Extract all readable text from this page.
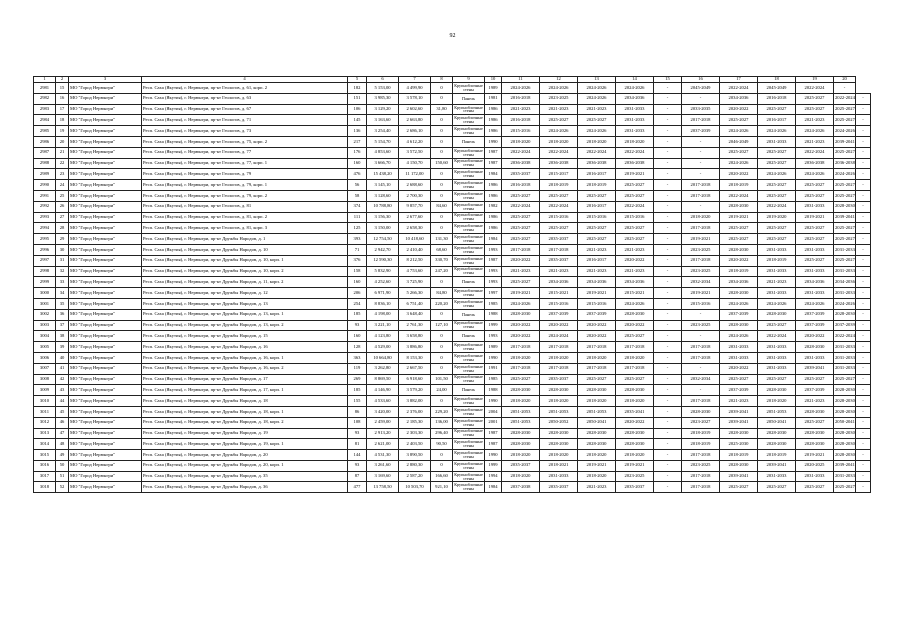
92
1	2	3	4	5	6	7	8	9	10	11	12	13	14	15	16	17	18	19	20	
2981	15	МО "Город Нерюнгри"	Респ. Саха (Якутия), г. Нерюнгри, пр-кт Геологов, д. 61, корп. 2	182	5 153,00	4 499,90	0	Крупноблочные стены	1989	2024-2026	2024-2026	2024-2026	2024-2026	-	2045-2049	2022-2024	2045-2049	2022-2024	-	
2982	16	МО "Город Нерюнгри"	Респ. Саха (Якутия), г. Нерюнгри, пр-кт Геологов, д. 63	151	3 985,30	3 578,10	0	Панель	1981	2016-2018	2023-2025	2024-2026	2034-2036	-	-	2034-2036	2016-2018	2025-2027	2022-2024	-
2983	17	МО "Город Нерюнгри"	Респ. Саха (Якутия), г. Нерюнгри, пр-кт Геологов, д. 67	106	3 129,20	2 602,60	31,80	Крупноблочные стены	1986	2021-2023	2021-2023	2021-2023	2031-2033	-	2033-2035	2020-2022	2025-2027	2025-2027	2025-2027	-
2984	18	МО "Город Нерюнгри"	Респ. Саха (Якутия), г. Нерюнгри, пр-кт Геологов, д. 71	145	3 163,60	2 663,80	0	Крупноблочные стены	1986	2016-2018	2025-2027	2025-2027	2031-2033	-	2017-2018	2025-2027	2016-2017	2021-2023	2025-2027	-
2985	19	МО "Город Нерюнгри"	Респ. Саха (Якутия), г. Нерюнгри, пр-кт Геологов, д. 73	136	3 254,40	2 686,10	0	Крупноблочные стены	1986	2015-2016	2024-2026	2024-2026	2031-2033	-	2037-2039	2024-2026	2024-2026	2024-2026	2024-2026	-
2986	20	МО "Город Нерюнгри"	Респ. Саха (Якутия), г. Нерюнгри, пр-кт Геологов, д. 75, корп. 2	217	5 154,70	4 612,20	0	Панель	1990	2018-2020	2018-2020	2018-2020	2018-2020	-	-	2046-2049	2031-2033	2021-2023	2039-2041	-
2987	21	МО "Город Нерюнгри"	Респ. Саха (Якутия), г. Нерюнгри, пр-кт Геологов, д. 77	176	4 853,60	3 572,50	0	Крупноблочные стены	1987	2022-2024	2022-2024	2022-2024	2022-2024	-	-	2025-2027	2025-2027	2022-2024	2025-2027	-
2988	22	МО "Город Нерюнгри"	Респ. Саха (Якутия), г. Нерюнгри, пр-кт Геологов, д. 77, корп. 1	160	3 666,70	4 150,70	150,60	Крупноблочные стены	1987	2036-2038	2036-2038	2036-2038	2036-2038	-	-	2024-2026	2025-2027	2036-2038	2036-2038	-
2989	23	МО "Город Нерюнгри"	Респ. Саха (Якутия), г. Нерюнгри, пр-кт Геологов, д. 79	476	15 438,20	11 172,00	0	Крупноблочные стены	1984	2035-2037	2015-2017	2016-2017	2019-2021	-	-	2020-2022	2024-2026	2024-2026	2024-2026	-
2990	24	МО "Город Нерюнгри"	Респ. Саха (Якутия), г. Нерюнгри, пр-кт Геологов, д. 79, корп. 1	56	3 145,10	2 688,60	0	Крупноблочные стены	1986	2016-2018	2018-2019	2018-2019	2025-2027	-	2017-2018	2018-2019	2025-2027	2025-2027	2025-2027	-
2991	25	МО "Город Нерюнгри"	Респ. Саха (Якутия), г. Нерюнгри, пр-кт Геологов, д. 79, корп. 2	58	3 128,60	2 700,30	0	Крупноблочные стены	1986	2025-2027	2025-2027	2025-2027	2025-2027	-	2017-2018	2022-2024	2025-2027	2025-2027	2025-2027	-
2992	26	МО "Город Нерюнгри"	Респ. Саха (Якутия), г. Нерюнгри, пр-кт Геологов, д. 81	374	10 788,80	9 857,70	84,60	Крупноблочные стены	1982	2022-2024	2022-2024	2016-2017	2022-2024	-	-	2028-2030	2022-2024	2031-2033	2028-2030	-
2993	27	МО "Город Нерюнгри"	Респ. Саха (Якутия), г. Нерюнгри, пр-кт Геологов, д. 81, корп. 2	111	3 156,30	2 677,60	0	Крупноблочные стены	1986	2025-2027	2015-2016	2015-2016	2015-2016	-	2018-2020	2019-2021	2019-2020	2019-2021	2039-2041	-
2994	28	МО "Город Нерюнгри"	Респ. Саха (Якутия), г. Нерюнгри, пр-кт Геологов, д. 81, корп. 3	125	3 150,00	2 658,30	0	Крупноблочные стены	1986	2025-2027	2025-2027	2025-2027	2025-2027	-	2017-2018	2025-2027	2025-2027	2025-2027	2025-2027	-
2995	29	МО "Город Нерюнгри"	Респ. Саха (Якутия), г. Нерюнгри, пр-кт Дружбы Народов, д. 1	393	12 754,50	10 418,60	131,30	Крупноблочные стены	1984	2025-2027	2035-2037	2025-2027	2025-2027	-	2019-2021	2025-2027	2025-2027	2025-2027	2025-2027	-
2996	30	МО "Город Нерюнгри"	Респ. Саха (Якутия), г. Нерюнгри, пр-кт Дружбы Народов, д. 10	71	2 942,70	2 410,40	68,60	Крупноблочные стены	1993	2017-2018	2017-2018	2021-2023	2021-2023	-	2023-2025	2028-2030	2031-2033	2031-2033	2031-2033	-
2997	31	МО "Город Нерюнгри"	Респ. Саха (Якутия), г. Нерюнгри, пр-кт Дружбы Народов, д. 10, корп. 1	376	12 590,30	8 212,50	330,70	Крупноблочные стены	1987	2020-2022	2035-2037	2016-2017	2020-2022	-	2017-2018	2020-2022	2018-2019	2025-2027	2025-2027	-
2998	32	МО "Город Нерюнгри"	Респ. Саха (Якутия), г. Нерюнгри, пр-кт Дружбы Народов, д. 10, корп. 2	158	5 832,90	4 753,60	247,20	Крупноблочные стены	1993	2021-2023	2021-2023	2021-2023	2021-2023	-	2023-2025	2018-2019	2031-2033	2031-2033	2031-2033	-
2999	33	МО "Город Нерюнгри"	Респ. Саха (Якутия), г. Нерюнгри, пр-кт Дружбы Народов, д. 11, корп. 2	160	4 252,60	3 725,90	0	Панель	1993	2025-2027	2034-2036	2034-2036	2034-2036	-	2032-2034	2034-2036	2021-2023	2034-2036	2034-2036	-
3000	34	МО "Город Нерюнгри"	Респ. Саха (Якутия), г. Нерюнгри, пр-кт Дружбы Народов, д. 12	206	6 971,90	5 266,30	84,80	Крупноблочные стены	1997	2019-2021	2015-2021	2019-2021	2015-2021	-	2019-2021	2028-2030	2031-2033	2031-2033	2031-2033	-
3001	35	МО "Город Нерюнгри"	Респ. Саха (Якутия), г. Нерюнгри, пр-кт Дружбы Народов, д. 13	254	8 836,10	6 751,40	220,20	Крупноблочные стены	1985	2024-2026	2015-2016	2015-2016	2024-2026	-	2015-2016	2024-2026	2024-2026	2024-2026	2024-2026	-
3002	36	МО "Город Нерюнгри"	Респ. Саха (Якутия), г. Нерюнгри, пр-кт Дружбы Народов, д. 13, корп. 1	185	4 198,00	3 648,40	0	Панель	1988	2028-2030	2037-2039	2037-2039	2028-2030	-	-	2037-2039	2028-2030	2037-2039	2028-2030	-
3003	37	МО "Город Нерюнгри"	Респ. Саха (Якутия), г. Нерюнгри, пр-кт Дружбы Народов, д. 13, корп. 2	93	3 221,10	2 761,30	127,10	Крупноблочные стены	1999	2020-2022	2020-2022	2020-2022	2020-2022	-	2023-2025	2028-2030	2025-2027	2037-2039	2037-2039	-
3004	38	МО "Город Нерюнгри"	Респ. Саха (Якутия), г. Нерюнгри, пр-кт Дружбы Народов, д. 15	160	4 123,80	3 658,80	0	Панель	1993	2020-2022	2024-2024	2020-2022	2025-2027	-	-	2024-2026	2022-2024	2020-2022	2022-2024	-
3005	39	МО "Город Нерюнгри"	Респ. Саха (Якутия), г. Нерюнгри, пр-кт Дружбы Народов, д. 16	128	4 529,00	3 886,80	0	Крупноблочные стены	1989	2017-2018	2017-2018	2017-2018	2017-2018	-	2017-2018	2031-2033	2031-2033	2028-2030	2031-2033	-
3006	40	МО "Город Нерюнгри"	Респ. Саха (Якутия), г. Нерюнгри, пр-кт Дружбы Народов, д. 16, корп. 1	363	10 664,80	8 153,30	0	Крупноблочные стены	1990	2018-2020	2018-2020	2018-2020	2018-2020	-	2017-2018	2031-2033	2031-2033	2031-2033	2031-2033	-
3007	41	МО "Город Нерюнгри"	Респ. Саха (Якутия), г. Нерюнгри, пр-кт Дружбы Народов, д. 16, корп. 2	119	3 262,80	2 667,50	0	Крупноблочные стены	1991	2017-2018	2017-2018	2017-2018	2017-2018	-	-	2020-2022	2031-2033	2039-2041	2031-2033	-
3008	42	МО "Город Нерюнгри"	Респ. Саха (Якутия), г. Нерюнгри, пр-кт Дружбы Народов, д. 17	269	8 869,50	6 918,60	101,50	Крупноблочные стены	1985	2025-2027	2035-2037	2025-2027	2025-2027	-	2032-2034	2025-2027	2025-2027	2025-2027	2025-2027	-
3009	43	МО "Город Нерюнгри"	Респ. Саха (Якутия), г. Нерюнгри, пр-кт Дружбы Народов, д. 17, корп. 1	185	4 146,90	3 579,20	24,00	Панель	1988	2028-2030	2028-2030	2028-2030	2028-2030	-	-	2037-2039	2028-2030	2037-2039	2028-2030	-
3010	44	МО "Город Нерюнгри"	Респ. Саха (Якутия), г. Нерюнгри, пр-кт Дружбы Народов, д. 18	155	4 533,60	3 882,00	0	Крупноблочные стены	1990	2018-2020	2018-2020	2018-2020	2018-2020	-	2017-2018	2021-2023	2018-2020	2021-2023	2028-2030	-
3011	45	МО "Город Нерюнгри"	Респ. Саха (Якутия), г. Нерюнгри, пр-кт Дружбы Народов, д. 18, корп. 1	86	3 420,00	2 376,00	229,20	Крупноблочные стены	2004	2051-2053	2051-2053	2051-2053	2035-2041	-	2028-2030	2039-2041	2051-2053	2028-2030	2028-2030	-
3012	46	МО "Город Нерюнгри"	Респ. Саха (Якутия), г. Нерюнгри, пр-кт Дружбы Народов, д. 18, корп. 2	108	2 459,00	2 185,30	136,00	Крупноблочные стены	2001	2051-2053	2050-2052	2050-2041	2020-2022	-	2023-2027	2039-2041	2050-2041	2025-2027	2050-2041	-
3013	47	МО "Город Нерюнгри"	Респ. Саха (Якутия), г. Нерюнгри, пр-кт Дружбы Народов, д. 19	93	2 913,20	2 303,30	296,40	Крупноблочные стены	1987	2028-2030	2028-2030	2028-2030	2028-2030	-	2018-2019	2028-2030	2028-2030	2028-2030	2028-2030	-
3014	48	МО "Город Нерюнгри"	Респ. Саха (Якутия), г. Нерюнгри, пр-кт Дружбы Народов, д. 19, корп. 1	81	2 621,00	2 403,50	90,50	Крупноблочные стены	1987	2028-2030	2028-2030	2028-2030	2028-2030	-	2018-2019	2025-2030	2028-2030	2028-2030	2028-2030	-
3015	49	МО "Город Нерюнгри"	Респ. Саха (Якутия), г. Нерюнгри, пр-кт Дружбы Народов, д. 20	144	4 531,30	3 890,50	0	Крупноблочные стены	1990	2018-2020	2018-2020	2018-2020	2018-2020	-	2017-2018	2018-2019	2018-2019	2019-2021	2028-2030	-
3016	50	МО "Город Нерюнгри"	Респ. Саха (Якутия), г. Нерюнгри, пр-кт Дружбы Народов, д. 20, корп. 1	93	3 261,60	2 880,30	0	Крупноблочные стены	1999	2035-2037	2018-2021	2019-2021	2019-2021	-	2023-2025	2028-2030	2039-2041	2020-2025	2039-2041	-
3017	51	МО "Город Нерюнгри"	Респ. Саха (Якутия), г. Нерюнгри, пр-кт Дружбы Народов, д. 35	87	3 169,60	2 587,20	166,60	Крупноблочные стены	1994	2018-2020	2031-2033	2018-2020	2023-2025	-	2017-2018	2039-2041	2031-2033	2031-2033	2031-2033	-
3018	52	МО "Город Нерюнгри"	Респ. Саха (Якутия), г. Нерюнгри, пр-кт Дружбы Народов, д. 36	477	13 758,50	10 503,70	921,10	Крупноблочные стены	1984	2037-2038	2035-2037	2021-2023	2035-2037	-	2017-2018	2025-2027	2025-2027	2025-2027	2025-2027	-
